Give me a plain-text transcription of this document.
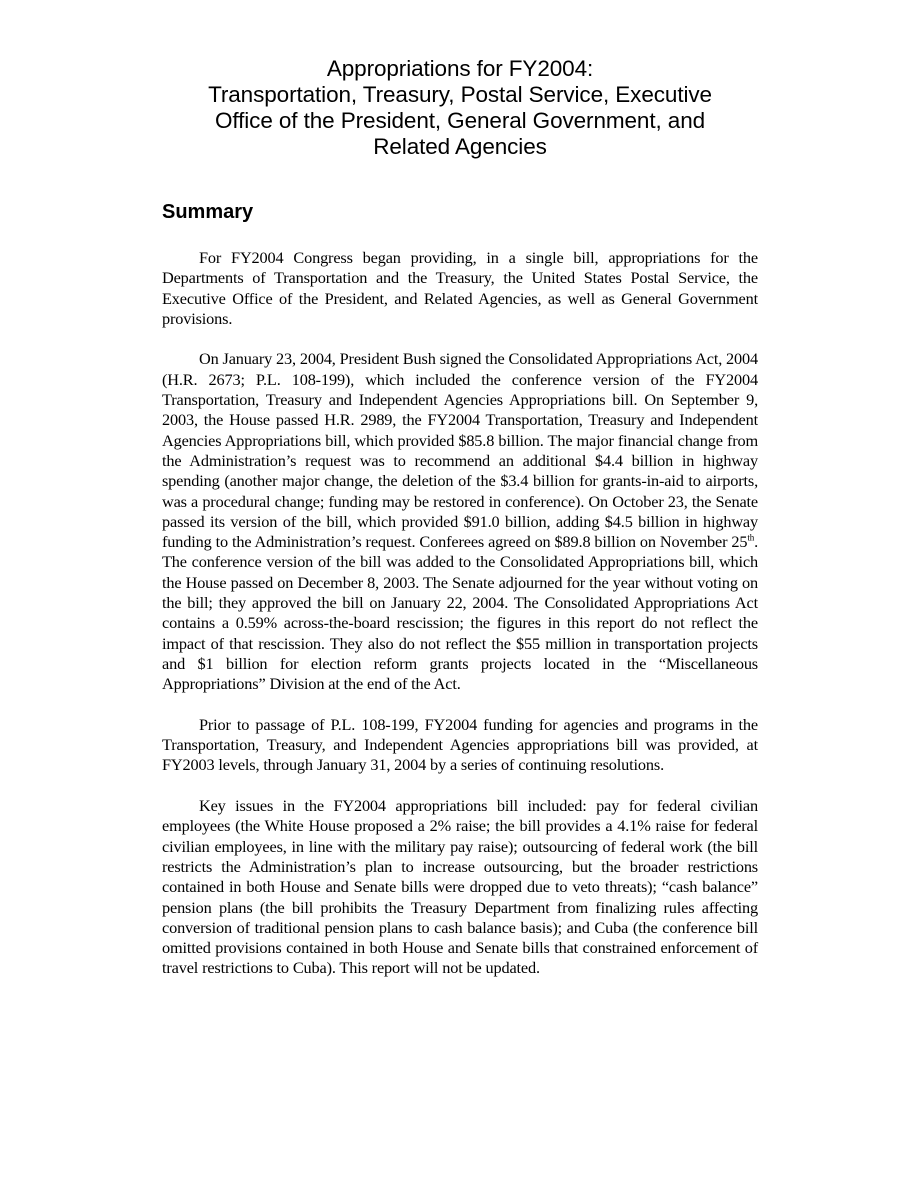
Appropriations for FY2004:
Transportation, Treasury, Postal Service, Executive
Office of the President, General Government, and
Related Agencies
Summary

For FY2004 Congress began providing, in a single bill, appropriations for the Departments of Transportation and the Treasury, the United States Postal Service, the Executive Office of the President, and Related Agencies, as well as General Government provisions.

On January 23, 2004, President Bush signed the Consolidated Appropriations Act, 2004 (H.R. 2673; P.L. 108-199), which included the conference version of the FY2004 Transportation, Treasury and Independent Agencies Appropriations bill. On September 9, 2003, the House passed H.R. 2989, the FY2004 Transportation, Treasury and Independent Agencies Appropriations bill, which provided $85.8 billion. The major financial change from the Administration’s request was to recommend an additional $4.4 billion in highway spending (another major change, the deletion of the $3.4 billion for grants-in-aid to airports, was a procedural change; funding may be restored in conference). On October 23, the Senate passed its version of the bill, which provided $91.0 billion, adding $4.5 billion in highway funding to the Administration’s request. Conferees agreed on $89.8 billion on November 25th. The conference version of the bill was added to the Consolidated Appropriations bill, which the House passed on December 8, 2003. The Senate adjourned for the year without voting on the bill; they approved the bill on January 22, 2004. The Consolidated Appropriations Act contains a 0.59% across-the-board rescission; the figures in this report do not reflect the impact of that rescission. They also do not reflect the $55 million in transportation projects and $1 billion for election reform grants projects located in the “Miscellaneous Appropriations” Division at the end of the Act.

Prior to passage of P.L. 108-199, FY2004 funding for agencies and programs in the Transportation, Treasury, and Independent Agencies appropriations bill was provided, at FY2003 levels, through January 31, 2004 by a series of continuing resolutions.

Key issues in the FY2004 appropriations bill included: pay for federal civilian employees (the White House proposed a 2% raise; the bill provides a 4.1% raise for federal civilian employees, in line with the military pay raise); outsourcing of federal work (the bill restricts the Administration’s plan to increase outsourcing, but the broader restrictions contained in both House and Senate bills were dropped due to veto threats); “cash balance” pension plans (the bill prohibits the Treasury Department from finalizing rules affecting conversion of traditional pension plans to cash balance basis); and Cuba (the conference bill omitted provisions contained in both House and Senate bills that constrained enforcement of travel restrictions to Cuba). This report will not be updated.
